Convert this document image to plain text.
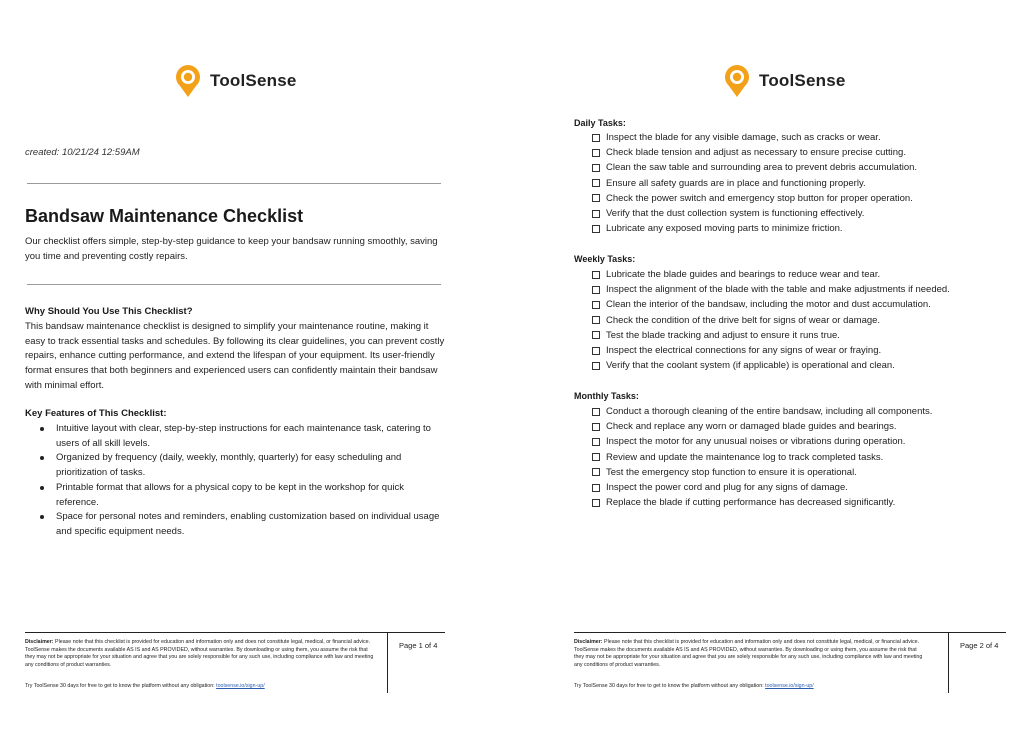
ToolSense
created: 10/21/24 12:59AM
Bandsaw Maintenance Checklist

Our checklist offers simple, step-by-step guidance to keep your bandsaw running smoothly, saving you time and preventing costly repairs.

Why Should You Use This Checklist?

This bandsaw maintenance checklist is designed to simplify your maintenance routine, making it easy to track essential tasks and schedules. By following its clear guidelines, you can prevent costly repairs, enhance cutting performance, and extend the lifespan of your equipment. Its user-friendly format ensures that both beginners and experienced users can confidently maintain their bandsaw with minimal effort.

Key Features of This Checklist:
Intuitive layout with clear, step-by-step instructions for each maintenance task, catering to users of all skill levels.
Organized by frequency (daily, weekly, monthly, quarterly) for easy scheduling and prioritization of tasks.
Printable format that allows for a physical copy to be kept in the workshop for quick reference.
Space for personal notes and reminders, enabling customization based on individual usage and specific equipment needs.
Disclaimer: Please note that this checklist is provided for education and information only and does not constitute legal, medical, or financial advice. ToolSense makes the documents available AS IS and AS PROVIDED, without warranties. By downloading or using them, you assume the risk that they may not be appropriate for your situation and agree that you are solely responsible for any such use, including compliance with law and meeting any conditions of product warranties.
Try ToolSense 30 days for free to get to know the platform without any obligation: toolsense.io/sign-up/
Page 1 of 4
ToolSense
Daily Tasks:
Inspect the blade for any visible damage, such as cracks or wear.
Check blade tension and adjust as necessary to ensure precise cutting.
Clean the saw table and surrounding area to prevent debris accumulation.
Ensure all safety guards are in place and functioning properly.
Check the power switch and emergency stop button for proper operation.
Verify that the dust collection system is functioning effectively.
Lubricate any exposed moving parts to minimize friction.
Weekly Tasks:
Lubricate the blade guides and bearings to reduce wear and tear.
Inspect the alignment of the blade with the table and make adjustments if needed.
Clean the interior of the bandsaw, including the motor and dust accumulation.
Check the condition of the drive belt for signs of wear or damage.
Test the blade tracking and adjust to ensure it runs true.
Inspect the electrical connections for any signs of wear or fraying.
Verify that the coolant system (if applicable) is operational and clean.
Monthly Tasks:
Conduct a thorough cleaning of the entire bandsaw, including all components.
Check and replace any worn or damaged blade guides and bearings.
Inspect the motor for any unusual noises or vibrations during operation.
Review and update the maintenance log to track completed tasks.
Test the emergency stop function to ensure it is operational.
Inspect the power cord and plug for any signs of damage.
Replace the blade if cutting performance has decreased significantly.
Disclaimer: Please note that this checklist is provided for education and information only and does not constitute legal, medical, or financial advice. ToolSense makes the documents available AS IS and AS PROVIDED, without warranties. By downloading or using them, you assume the risk that they may not be appropriate for your situation and agree that you are solely responsible for any such use, including compliance with law and meeting any conditions of product warranties.
Try ToolSense 30 days for free to get to know the platform without any obligation: toolsense.io/sign-up/
Page 2 of 4
